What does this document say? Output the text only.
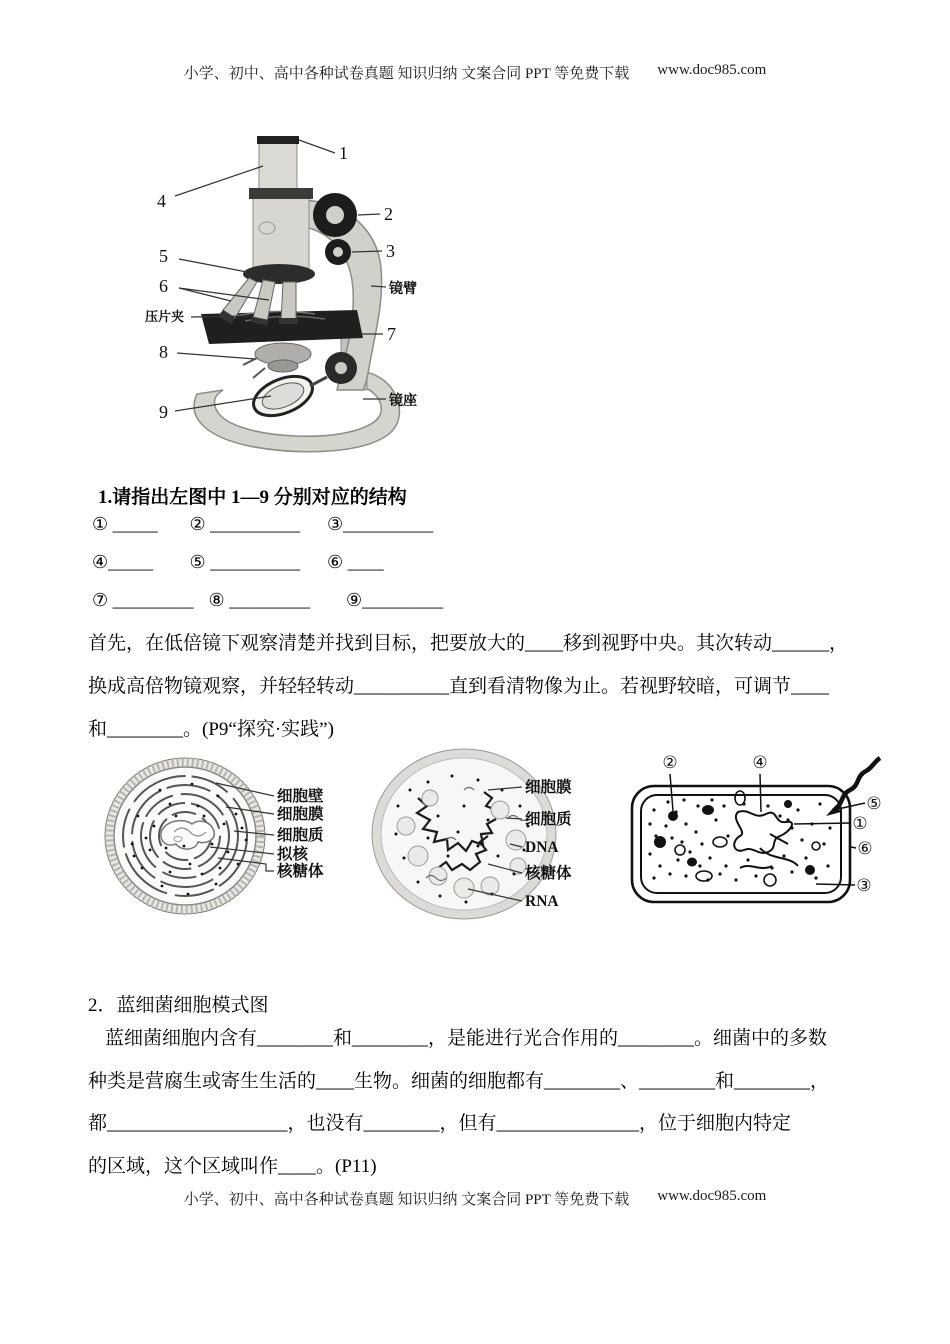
小学、初中、高中各种试卷真题 知识归纳 文案合同 PPT 等免费下载 www.doc985.com
1
2
3
4
5
6
7
8
9
镜臂
压片夹
镜座
1.请指出左图中 1—9 分别对应的结构
① _____ ② __________ ③__________
④_____ ⑤ __________ ⑥ ____
⑦ _________ ⑧ _________ ⑨_________
首先，在低倍镜下观察清楚并找到目标，把要放大的____移到视野中央。其次转动______，
换成高倍物镜观察，并轻轻转动__________直到看清物像为止。若视野较暗，可调节____
和________。(P9“探究·实践”)
细胞壁
细胞膜
细胞质
拟核
核糖体
细胞膜
细胞质
DNA
核糖体
RNA
②	④
⑤
①
⑥
③
2．蓝细菌细胞模式图
蓝细菌细胞内含有________和________，是能进行光合作用的________。细菌中的多数
种类是营腐生或寄生生活的____生物。细菌的细胞都有________、________和________，
都___________________，也没有________，但有_______________，位于细胞内特定
的区域，这个区域叫作____。(P11)
小学、初中、高中各种试卷真题 知识归纳 文案合同 PPT 等免费下载 www.doc985.com
